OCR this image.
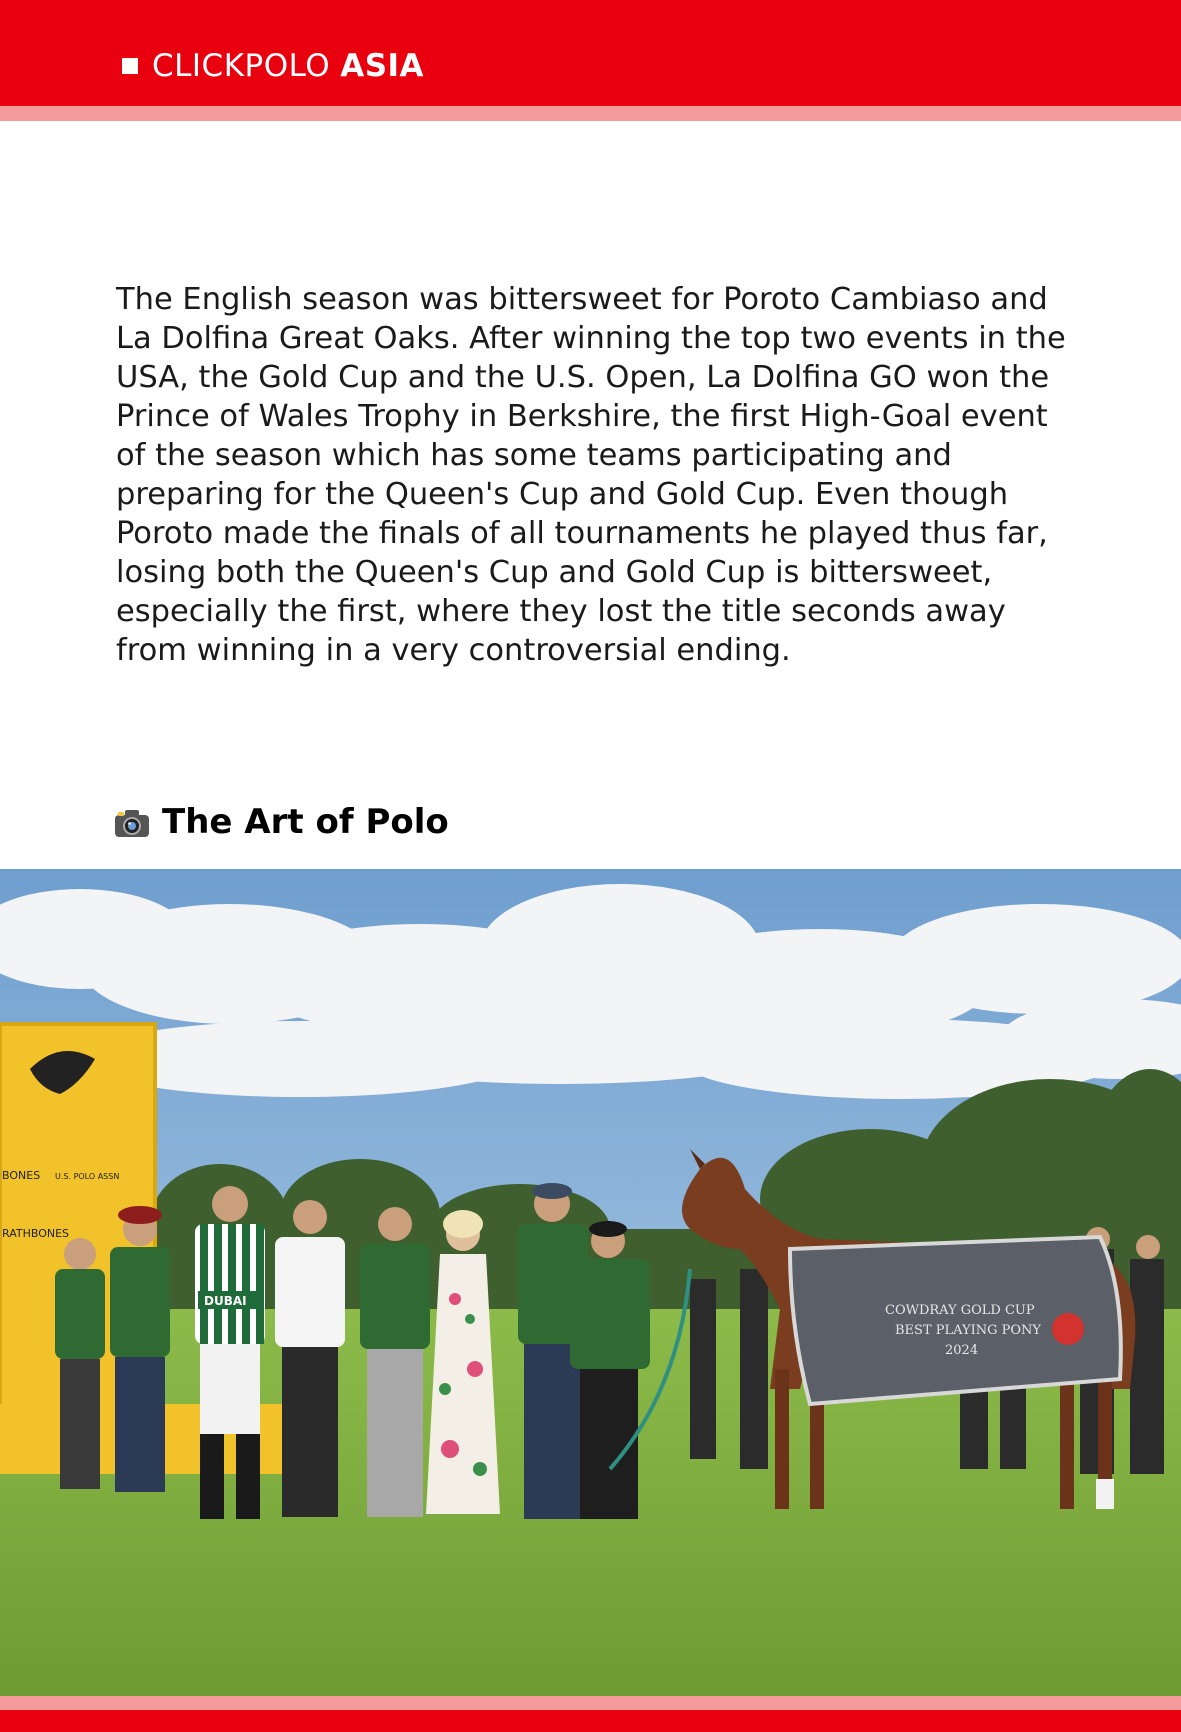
CLICKPOLO ASIA

The English season was bittersweet for Poroto Cambiaso and La Dolfina Great Oaks. After winning the top two events in the USA, the Gold Cup and the U.S. Open, La Dolfina GO won the Prince of Wales Trophy in Berkshire, the first High-Goal event of the season which has some teams participating and preparing for the Queen's Cup and Gold Cup. Even though Poroto made the finals of all tournaments he played thus far, losing both the Queen's Cup and Gold Cup is bittersweet, especially the first, where they lost the title seconds away from winning in a very controversial ending.

The Art of Polo
BONES U.S. POLO ASSN
RATHBONES
DUBAI
COWDRAY GOLD CUP
BEST PLAYING PONY
2024
